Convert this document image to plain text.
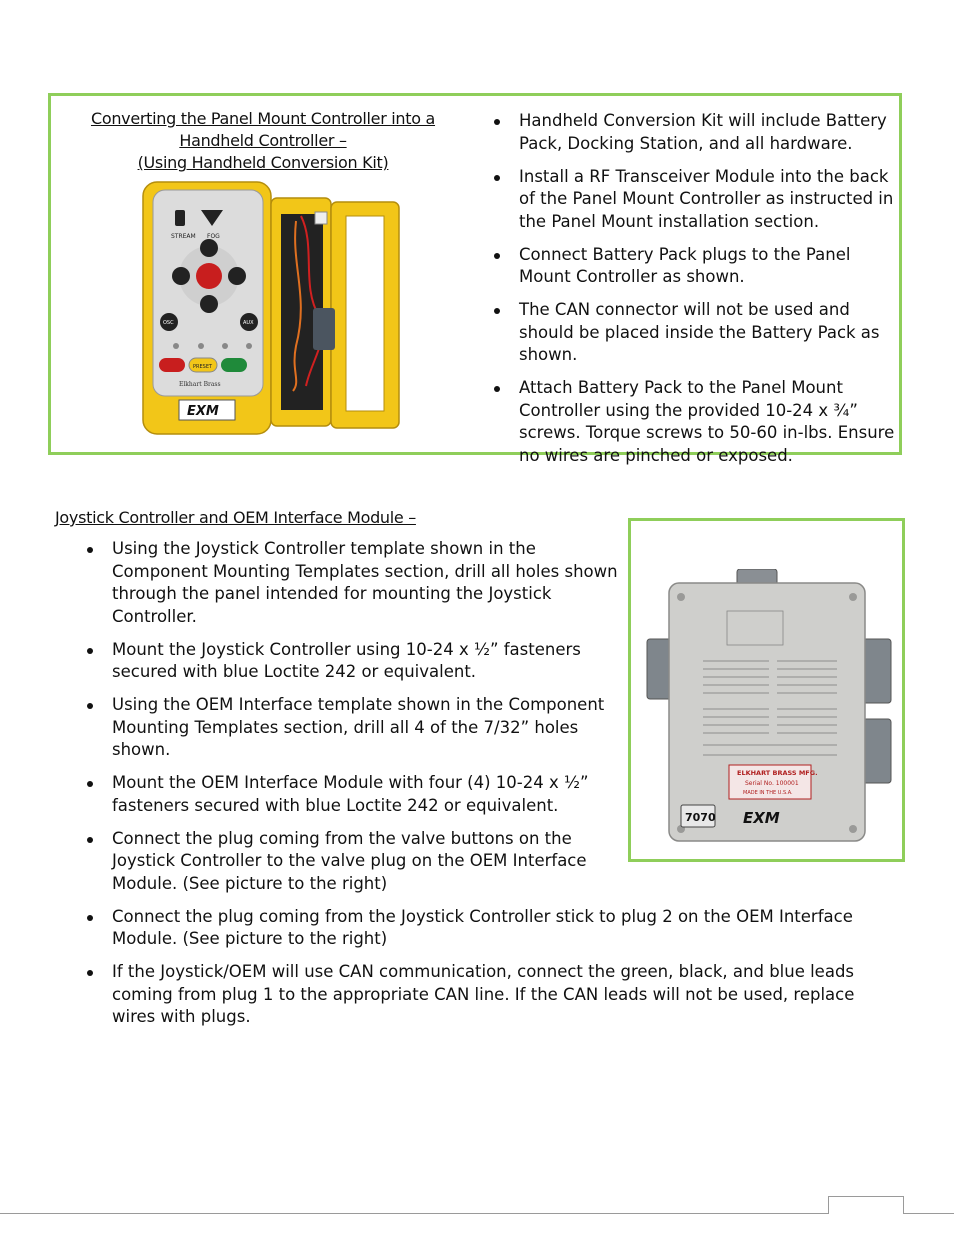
Converting the Panel Mount Controller into a
Handheld Controller –
(Using Handheld Conversion Kit)
STREAM FOG
OSC	AUX
PRESET
Elkhart Brass
EXM
Handheld Conversion Kit will include Battery Pack, Docking Station, and all hardware.
Install a RF Transceiver Module into the back of the Panel Mount Controller as instructed in the Panel Mount installation section.
Connect Battery Pack plugs to the Panel Mount Controller as shown.
The CAN connector will not be used and should be placed inside the Battery Pack as shown.
Attach Battery Pack to the Panel Mount Controller using the provided 10-24 x ¾” screws. Torque screws to 50-60 in-lbs. Ensure no wires are pinched or exposed.
Joystick Controller and OEM Interface Module –
ELKHART BRASS MFG.
Serial No. 100001
MADE IN THE U.S.A.
7070 EXM
Using the Joystick Controller template shown in the Component Mounting Templates section, drill all holes shown through the panel intended for mounting the Joystick Controller.
Mount the Joystick Controller using 10-24 x ½” fasteners secured with blue Loctite 242 or equivalent.
Using the OEM Interface template shown in the Component Mounting Templates section, drill all 4 of the 7/32” holes shown.
Mount the OEM Interface Module with four (4) 10-24 x ½” fasteners secured with blue Loctite 242 or equivalent.
Connect the plug coming from the valve buttons on the Joystick Controller to the valve plug on the OEM Interface Module. (See picture to the right)
Connect the plug coming from the Joystick Controller stick to plug 2 on the OEM Interface Module. (See picture to the right)
If the Joystick/OEM will use CAN communication, connect the green, black, and blue leads coming from plug 1 to the appropriate CAN line. If the CAN leads will not be used, replace wires with plugs.
